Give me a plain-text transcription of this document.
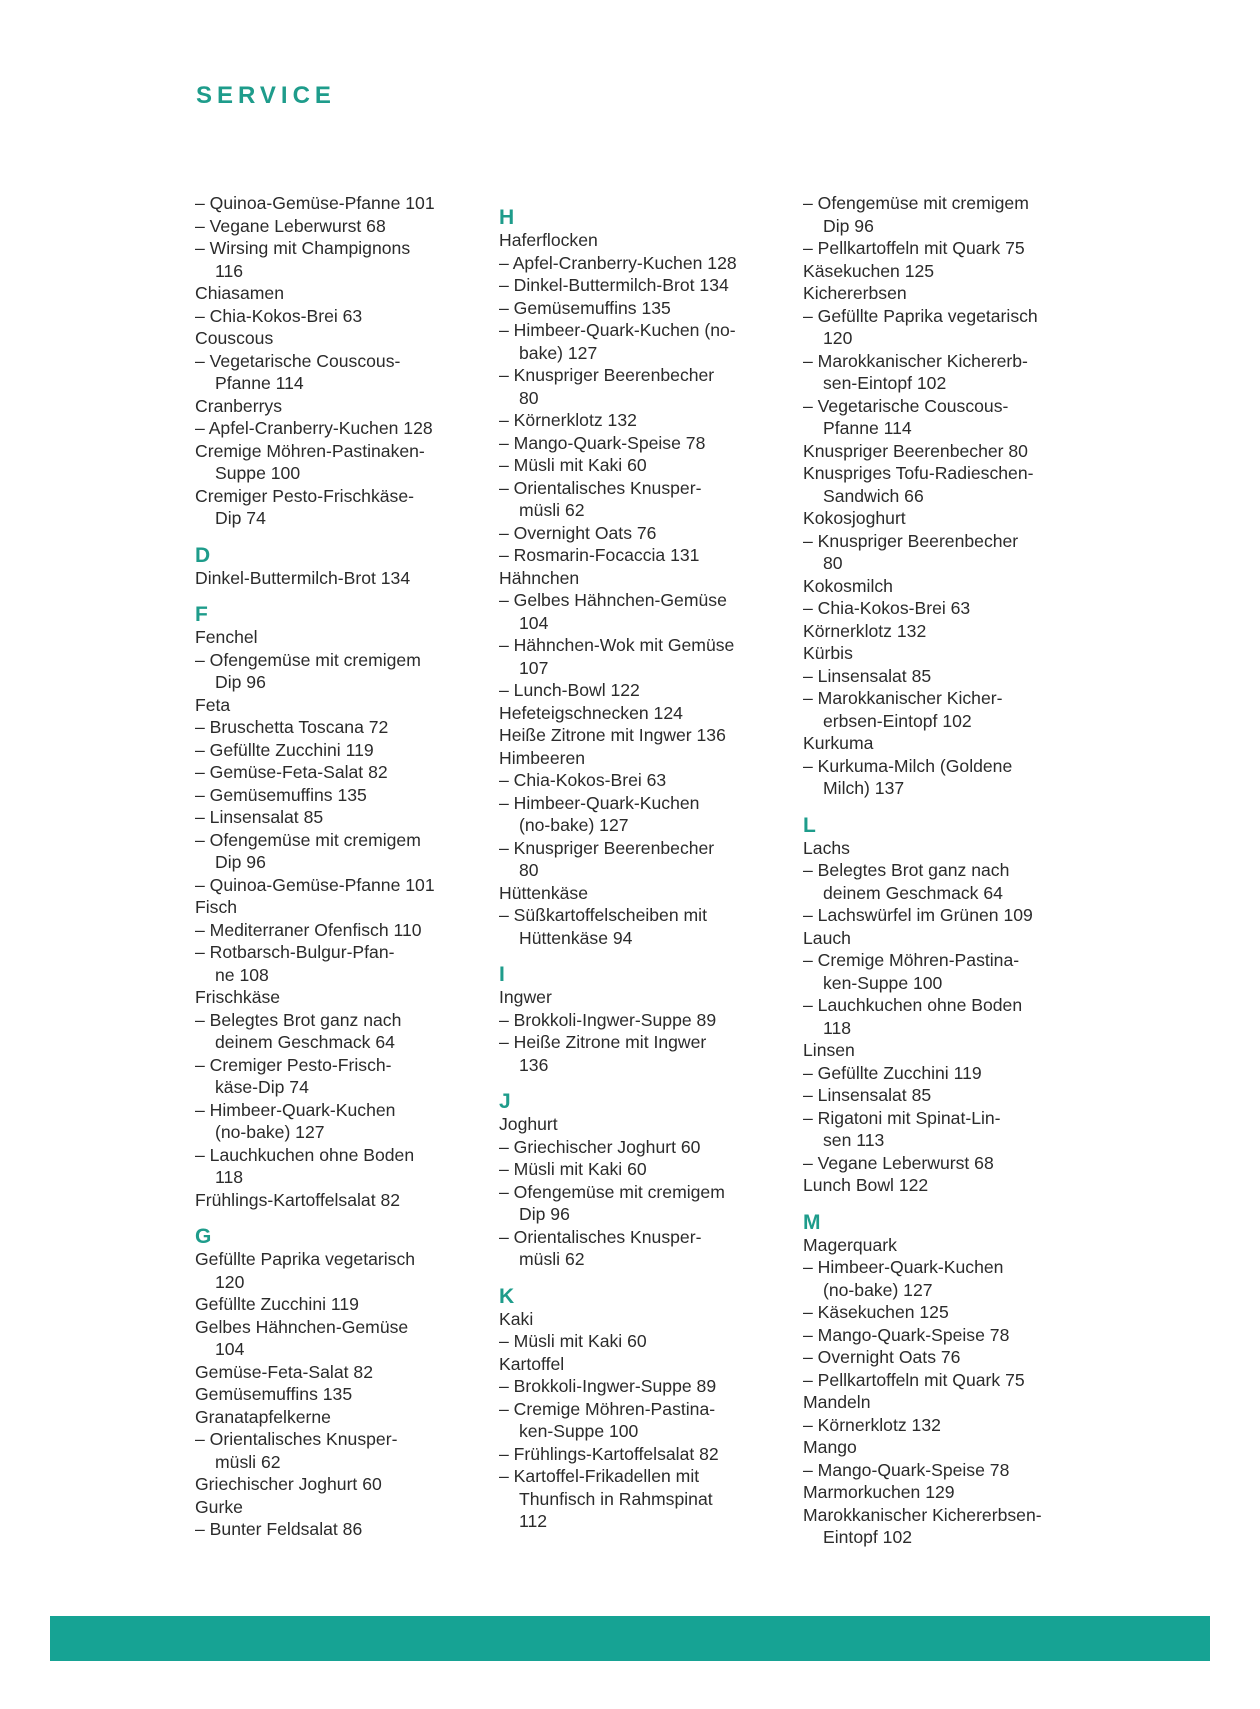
SERVICE
– Quinoa-Gemüse-Pfanne 101
– Vegane Leberwurst 68
– Wirsing mit Champignons
116
Chiasamen
– Chia-Kokos-Brei 63
Couscous
– Vegetarische Couscous-
Pfanne 114
Cranberrys
– Apfel-Cranberry-Kuchen 128
Cremige Möhren-Pastinaken-
Suppe 100
Cremiger Pesto-Frischkäse-
Dip 74
D
Dinkel-Buttermilch-Brot 134
F
Fenchel
– Ofengemüse mit cremigem
Dip 96
Feta
– Bruschetta Toscana 72
– Gefüllte Zucchini 119
– Gemüse-Feta-Salat 82
– Gemüsemuffins 135
– Linsensalat 85
– Ofengemüse mit cremigem
Dip 96
– Quinoa-Gemüse-Pfanne 101
Fisch
– Mediterraner Ofenfisch 110
– Rotbarsch-Bulgur-Pfan-
ne 108
Frischkäse
– Belegtes Brot ganz nach
deinem Geschmack 64
– Cremiger Pesto-Frisch-
käse-Dip 74
– Himbeer-Quark-Kuchen
(no-bake) 127
– Lauchkuchen ohne Boden
118
Frühlings-Kartoffelsalat 82
G
Gefüllte Paprika vegetarisch
120
Gefüllte Zucchini 119
Gelbes Hähnchen-Gemüse
104
Gemüse-Feta-Salat 82
Gemüsemuffins 135
Granatapfelkerne
– Orientalisches Knusper-
müsli 62
Griechischer Joghurt 60
Gurke
– Bunter Feldsalat 86
H
Haferflocken
– Apfel-Cranberry-Kuchen 128
– Dinkel-Buttermilch-Brot 134
– Gemüsemuffins 135
– Himbeer-Quark-Kuchen (no-
bake) 127
– Knuspriger Beerenbecher
80
– Körnerklotz 132
– Mango-Quark-Speise 78
– Müsli mit Kaki 60
– Orientalisches Knusper-
müsli 62
– Overnight Oats 76
– Rosmarin-Focaccia 131
Hähnchen
– Gelbes Hähnchen-Gemüse
104
– Hähnchen-Wok mit Gemüse
107
– Lunch-Bowl 122
Hefeteigschnecken 124
Heiße Zitrone mit Ingwer 136
Himbeeren
– Chia-Kokos-Brei 63
– Himbeer-Quark-Kuchen
(no-bake) 127
– Knuspriger Beerenbecher
80
Hüttenkäse
– Süßkartoffelscheiben mit
Hüttenkäse 94
I
Ingwer
– Brokkoli-Ingwer-Suppe 89
– Heiße Zitrone mit Ingwer
136
J
Joghurt
– Griechischer Joghurt 60
– Müsli mit Kaki 60
– Ofengemüse mit cremigem
Dip 96
– Orientalisches Knusper-
müsli 62
K
Kaki
– Müsli mit Kaki 60
Kartoffel
– Brokkoli-Ingwer-Suppe 89
– Cremige Möhren-Pastina-
ken-Suppe 100
– Frühlings-Kartoffelsalat 82
– Kartoffel-Frikadellen mit
Thunfisch in Rahmspinat
112
– Ofengemüse mit cremigem
Dip 96
– Pellkartoffeln mit Quark 75
Käsekuchen 125
Kichererbsen
– Gefüllte Paprika vegetarisch
120
– Marokkanischer Kichererb-
sen-Eintopf 102
– Vegetarische Couscous-
Pfanne 114
Knuspriger Beerenbecher 80
Knuspriges Tofu-Radieschen-
Sandwich 66
Kokosjoghurt
– Knuspriger Beerenbecher
80
Kokosmilch
– Chia-Kokos-Brei 63
Körnerklotz 132
Kürbis
– Linsensalat 85
– Marokkanischer Kicher-
erbsen-Eintopf 102
Kurkuma
– Kurkuma-Milch (Goldene
Milch) 137
L
Lachs
– Belegtes Brot ganz nach
deinem Geschmack 64
– Lachswürfel im Grünen 109
Lauch
– Cremige Möhren-Pastina-
ken-Suppe 100
– Lauchkuchen ohne Boden
118
Linsen
– Gefüllte Zucchini 119
– Linsensalat 85
– Rigatoni mit Spinat-Lin-
sen 113
– Vegane Leberwurst 68
Lunch Bowl 122
M
Magerquark
– Himbeer-Quark-Kuchen
(no-bake) 127
– Käsekuchen 125
– Mango-Quark-Speise 78
– Overnight Oats 76
– Pellkartoffeln mit Quark 75
Mandeln
– Körnerklotz 132
Mango
– Mango-Quark-Speise 78
Marmorkuchen 129
Marokkanischer Kichererbsen-
Eintopf 102
